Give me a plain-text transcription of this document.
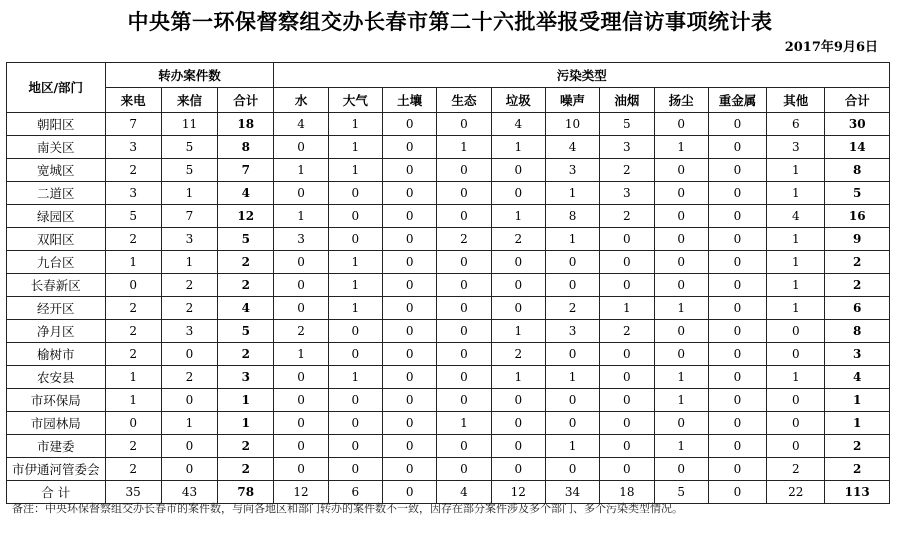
中央第一环保督察组交办长春市第二十六批举报受理信访事项统计表
2017年9月6日
地区/部门	转办案件数			污染类型										
	来电	来信	合计	水	大气	土壤	生态	垃圾	噪声	油烟	扬尘	重金属	其他	合计
朝阳区	7	11	18	4	1	0	0	4	10	5	0	0	6	30
南关区	3	5	8	0	1	0	1	1	4	3	1	0	3	14
宽城区	2	5	7	1	1	0	0	0	3	2	0	0	1	8
二道区	3	1	4	0	0	0	0	0	1	3	0	0	1	5
绿园区	5	7	12	1	0	0	0	1	8	2	0	0	4	16
双阳区	2	3	5	3	0	0	2	2	1	0	0	0	1	9
九台区	1	1	2	0	1	0	0	0	0	0	0	0	1	2
长春新区	0	2	2	0	1	0	0	0	0	0	0	0	1	2
经开区	2	2	4	0	1	0	0	0	2	1	1	0	1	6
净月区	2	3	5	2	0	0	0	1	3	2	0	0	0	8
榆树市	2	0	2	1	0	0	0	2	0	0	0	0	0	3
农安县	1	2	3	0	1	0	0	1	1	0	1	0	1	4
市环保局	1	0	1	0	0	0	0	0	0	0	1	0	0	1
市园林局	0	1	1	0	0	0	1	0	0	0	0	0	0	1
市建委	2	0	2	0	0	0	0	0	1	0	1	0	0	2
市伊通河管委会	2	0	2	0	0	0	0	0	0	0	0	0	2	2
合 计	35	43	78	12	6	0	4	12	34	18	5	0	22	113
备注：中央环保督察组交办长春市的案件数，与向各地区和部门转办的案件数不一致，因存在部分案件涉及多个部门、多个污染类型情况。
